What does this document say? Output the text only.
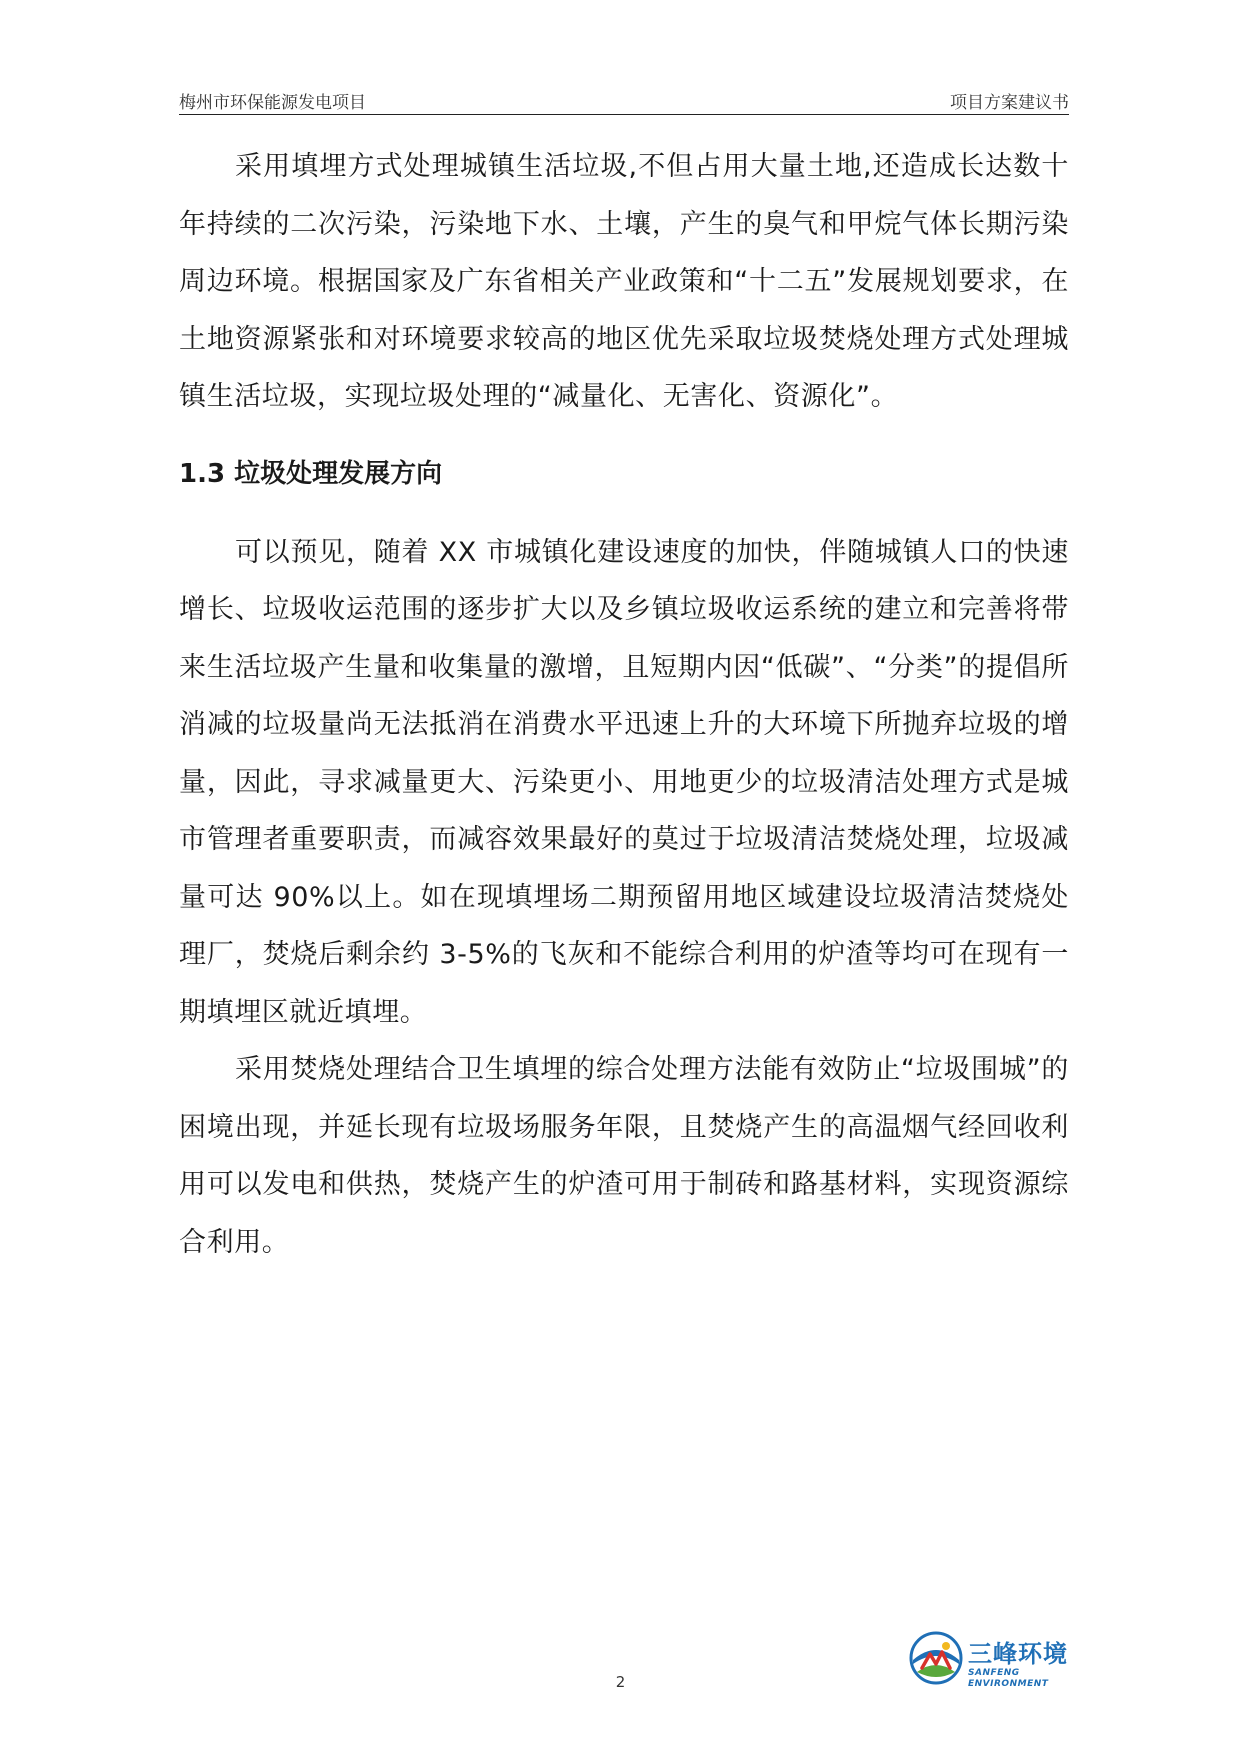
梅州市环保能源发电项目	项目方案建议书

采用填埋方式处理城镇生活垃圾,不但占用大量土地,还造成长达数十年持续的二次污染，污染地下水、土壤，产生的臭气和甲烷气体长期污染周边环境。根据国家及广东省相关产业政策和“十二五”发展规划要求，在土地资源紧张和对环境要求较高的地区优先采取垃圾焚烧处理方式处理城镇生活垃圾，实现垃圾处理的“减量化、无害化、资源化”。

1.3 垃圾处理发展方向

可以预见，随着 XX 市城镇化建设速度的加快，伴随城镇人口的快速增长、垃圾收运范围的逐步扩大以及乡镇垃圾收运系统的建立和完善将带来生活垃圾产生量和收集量的激增，且短期内因“低碳”、“分类”的提倡所消减的垃圾量尚无法抵消在消费水平迅速上升的大环境下所抛弃垃圾的增量，因此，寻求减量更大、污染更小、用地更少的垃圾清洁处理方式是城市管理者重要职责，而减容效果最好的莫过于垃圾清洁焚烧处理，垃圾减量可达 90%以上。如在现填埋场二期预留用地区域建设垃圾清洁焚烧处理厂，焚烧后剩余约 3-5%的飞灰和不能综合利用的炉渣等均可在现有一期填埋区就近填埋。

采用焚烧处理结合卫生填埋的综合处理方法能有效防止“垃圾围城”的困境出现，并延长现有垃圾场服务年限，且焚烧产生的高温烟气经回收利用可以发电和供热，焚烧产生的炉渣可用于制砖和路基材料，实现资源综合利用。

2
三峰环境
SANFENG
ENVIRONMENT
